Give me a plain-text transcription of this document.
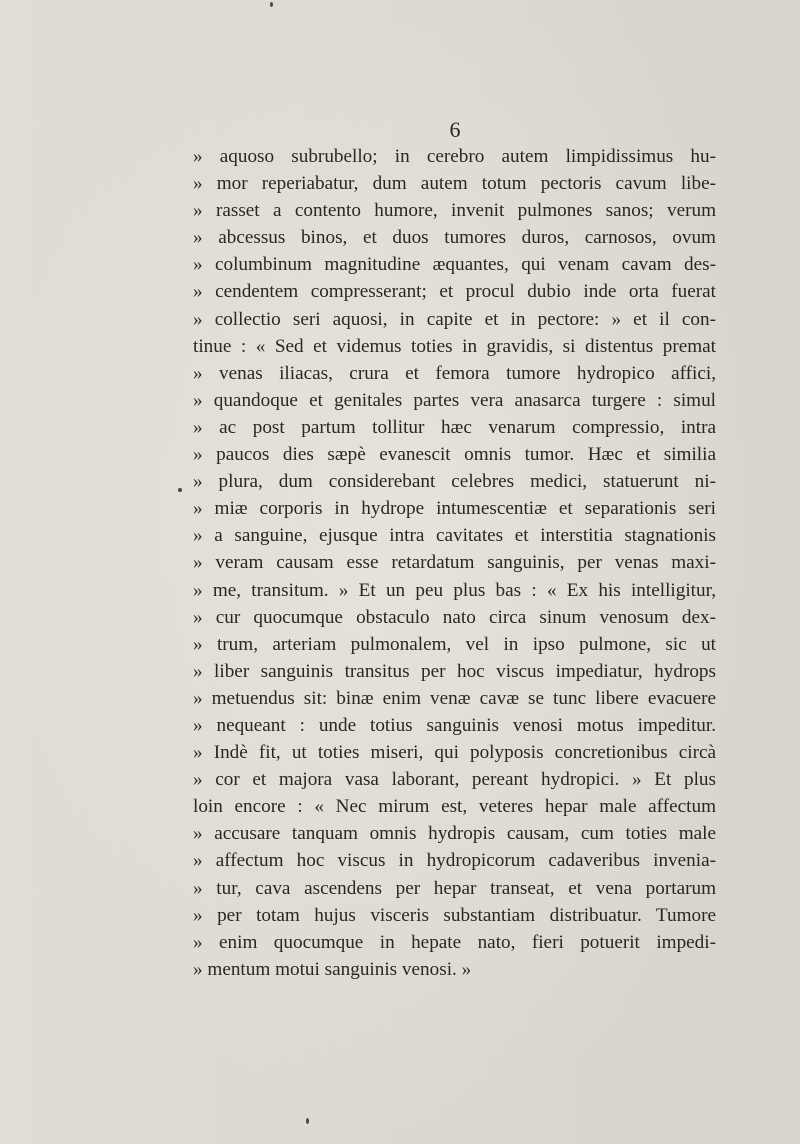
6
» aquoso subrubello; in cerebro autem limpidissimus hu-
» mor reperiabatur, dum autem totum pectoris cavum libe-
» rasset a contento humore, invenit pulmones sanos; verum
» abcessus binos, et duos tumores duros, carnosos, ovum
» columbinum magnitudine æquantes, qui venam cavam des-
» cendentem compresserant; et procul dubio inde orta fuerat
» collectio seri aquosi, in capite et in pectore: » et il con-
tinue : « Sed et videmus toties in gravidis, si distentus premat
» venas iliacas, crura et femora tumore hydropico affici,
» quandoque et genitales partes vera anasarca turgere : simul
» ac post partum tollitur hæc venarum compressio, intra
» paucos dies sæpè evanescit omnis tumor. Hæc et similia
» plura, dum considerebant celebres medici, statuerunt ni-
» miæ corporis in hydrope intumescentiæ et separationis seri
» a sanguine, ejusque intra cavitates et interstitia stagnationis
» veram causam esse retardatum sanguinis, per venas maxi-
» me, transitum. » Et un peu plus bas : « Ex his intelligitur,
» cur quocumque obstaculo nato circa sinum venosum dex-
» trum, arteriam pulmonalem, vel in ipso pulmone, sic ut
» liber sanguinis transitus per hoc viscus impediatur, hydrops
» metuendus sit: binæ enim venæ cavæ se tunc libere evacuere
» nequeant : unde totius sanguinis venosi motus impeditur.
» Indè fit, ut toties miseri, qui polyposis concretionibus circà
» cor et majora vasa laborant, pereant hydropici. » Et plus
loin encore : « Nec mirum est, veteres hepar male affectum
» accusare tanquam omnis hydropis causam, cum toties male
» affectum hoc viscus in hydropicorum cadaveribus invenia-
» tur, cava ascendens per hepar transeat, et vena portarum
» per totam hujus visceris substantiam distribuatur. Tumore
» enim quocumque in hepate nato, fieri potuerit impedi-
» mentum motui sanguinis venosi. »
